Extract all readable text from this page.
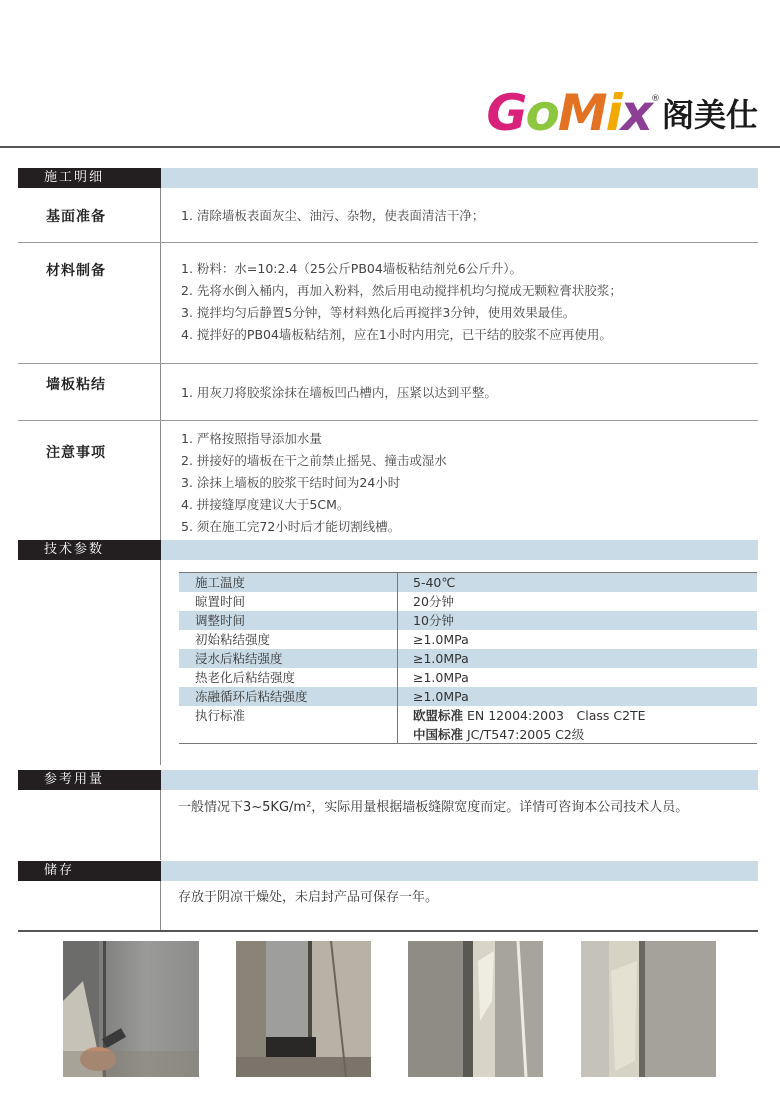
GoMix ® 阁美仕
施工明细
基面准备	1. 清除墙板表面灰尘、油污、杂物，使表面清洁干净；
材料制备	1. 粉料：水=10:2.4（25公斤PB04墙板粘结剂兑6公斤升）。
2. 先将水倒入桶内，再加入粉料，然后用电动搅拌机均匀搅成无颗粒膏状胶浆；
3. 搅拌均匀后静置5分钟，等材料熟化后再搅拌3分钟，使用效果最佳。
4. 搅拌好的PB04墙板粘结剂，应在1小时内用完，已干结的胶浆不应再使用。
墙板粘结	1. 用灰刀将胶浆涂抹在墙板凹凸槽内，压紧以达到平整。
注意事项
1. 严格按照指导添加水量
2. 拼接好的墙板在干之前禁止摇晃、撞击或湿水
3. 涂抹上墙板的胶浆干结时间为24小时
4. 拼接缝厚度建议大于5CM。
5. 须在施工完72小时后才能切割线槽。
技术参数
施工温度	5-40℃
晾置时间	20分钟
调整时间	10分钟
初始粘结强度	≥1.0MPa
浸水后粘结强度	≥1.0MPa
热老化后粘结强度	≥1.0MPa
冻融循环后粘结强度	≥1.0MPa
执行标准	欧盟标准 EN 12004:2003　Class C2TE
中国标准 JC/T547:2005 C2级
参考用量
一般情况下3~5KG/m²，实际用量根据墙板缝隙宽度而定。详情可咨询本公司技术人员。
储存
存放于阴凉干燥处，未启封产品可保存一年。
